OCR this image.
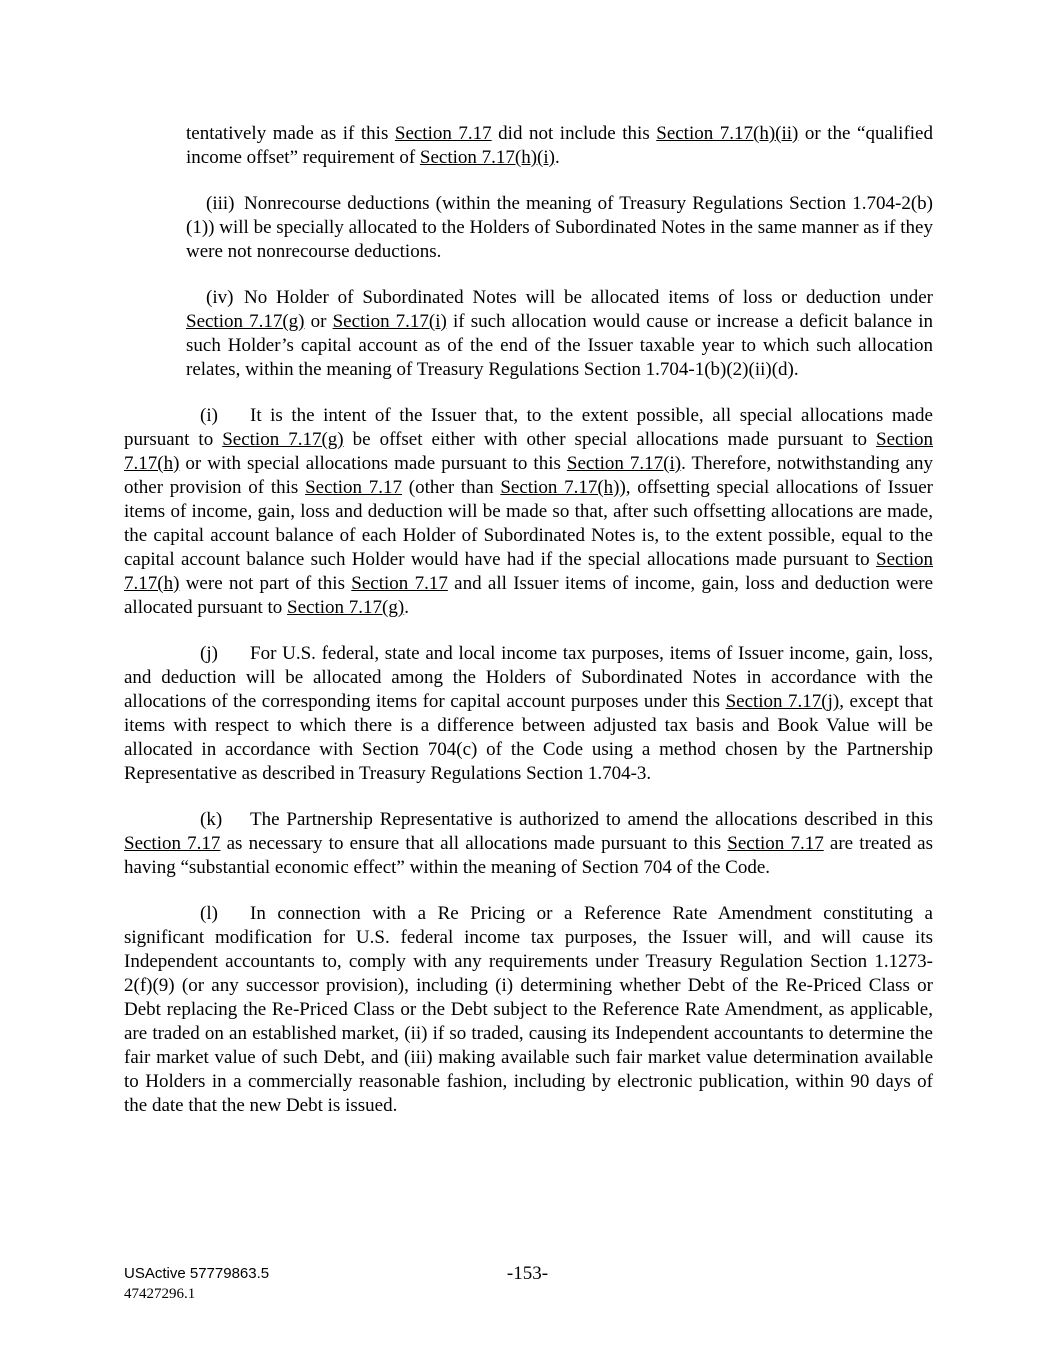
tentatively made as if this Section 7.17 did not include this Section 7.17(h)(ii) or the “qualified income offset” requirement of Section 7.17(h)(i).

(iii) Nonrecourse deductions (within the meaning of Treasury Regulations Section 1.704-2(b)(1)) will be specially allocated to the Holders of Subordinated Notes in the same manner as if they were not nonrecourse deductions.

(iv) No Holder of Subordinated Notes will be allocated items of loss or deduction under Section 7.17(g) or Section 7.17(i) if such allocation would cause or increase a deficit balance in such Holder’s capital account as of the end of the Issuer taxable year to which such allocation relates, within the meaning of Treasury Regulations Section 1.704-1(b)(2)(ii)(d).

(i) It is the intent of the Issuer that, to the extent possible, all special allocations made pursuant to Section 7.17(g) be offset either with other special allocations made pursuant to Section 7.17(h) or with special allocations made pursuant to this Section 7.17(i). Therefore, notwithstanding any other provision of this Section 7.17 (other than Section 7.17(h)), offsetting special allocations of Issuer items of income, gain, loss and deduction will be made so that, after such offsetting allocations are made, the capital account balance of each Holder of Subordinated Notes is, to the extent possible, equal to the capital account balance such Holder would have had if the special allocations made pursuant to Section 7.17(h) were not part of this Section 7.17 and all Issuer items of income, gain, loss and deduction were allocated pursuant to Section 7.17(g).

(j) For U.S. federal, state and local income tax purposes, items of Issuer income, gain, loss, and deduction will be allocated among the Holders of Subordinated Notes in accordance with the allocations of the corresponding items for capital account purposes under this Section 7.17(j), except that items with respect to which there is a difference between adjusted tax basis and Book Value will be allocated in accordance with Section 704(c) of the Code using a method chosen by the Partnership Representative as described in Treasury Regulations Section 1.704-3.

(k) The Partnership Representative is authorized to amend the allocations described in this Section 7.17 as necessary to ensure that all allocations made pursuant to this Section 7.17 are treated as having “substantial economic effect” within the meaning of Section 704 of the Code.

(l) In connection with a Re Pricing or a Reference Rate Amendment constituting a significant modification for U.S. federal income tax purposes, the Issuer will, and will cause its Independent accountants to, comply with any requirements under Treasury Regulation Section 1.1273-2(f)(9) (or any successor provision), including (i) determining whether Debt of the Re-Priced Class or Debt replacing the Re-Priced Class or the Debt subject to the Reference Rate Amendment, as applicable, are traded on an established market, (ii) if so traded, causing its Independent accountants to determine the fair market value of such Debt, and (iii) making available such fair market value determination available to Holders in a commercially reasonable fashion, including by electronic publication, within 90 days of the date that the new Debt is issued.

-153-
USActive 57779863.5
47427296.1
